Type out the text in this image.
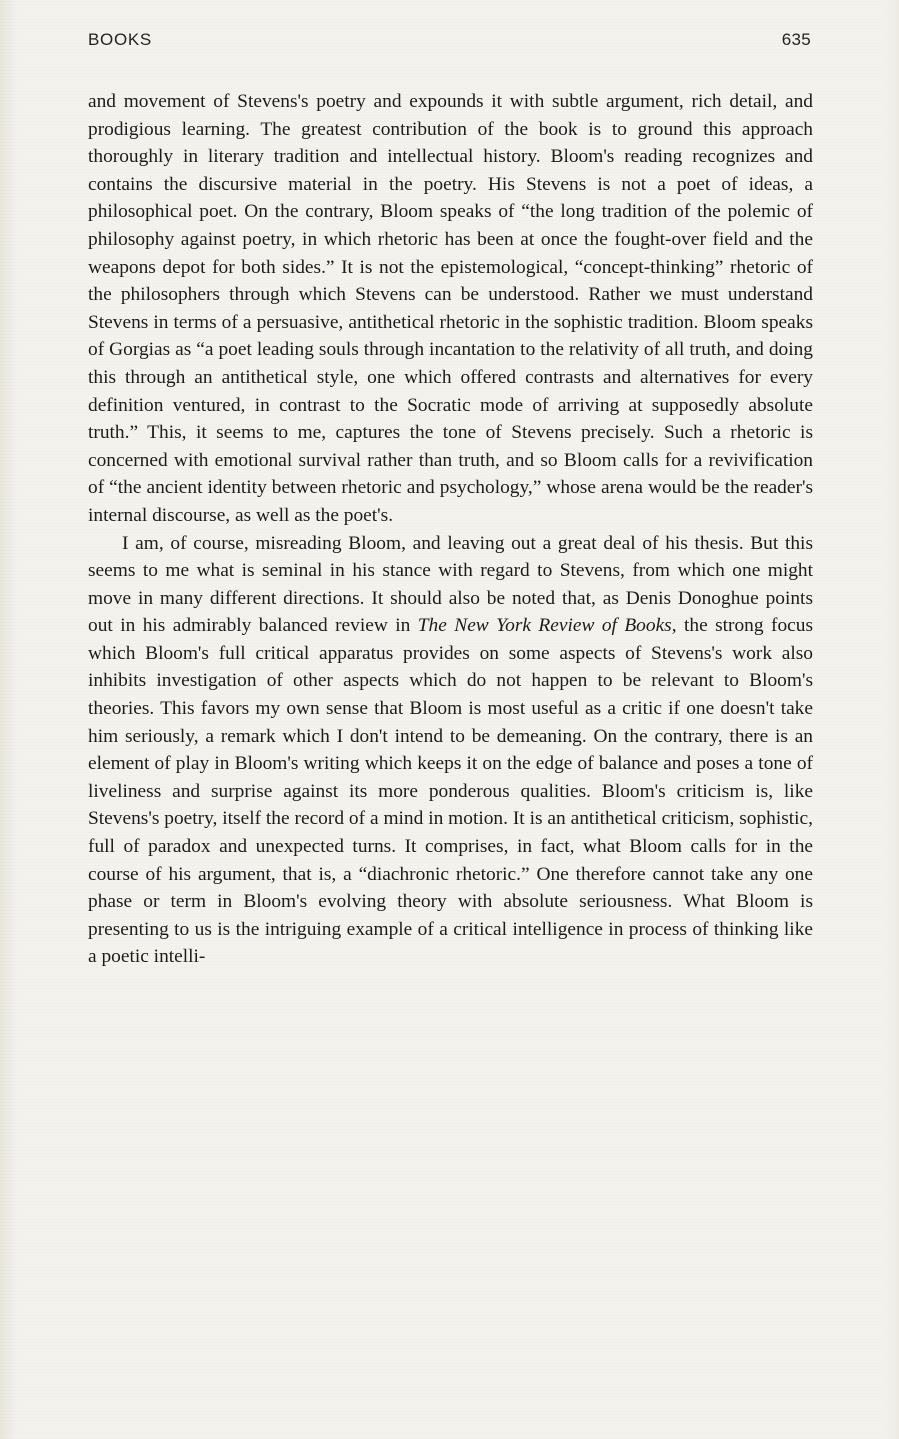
BOOKS	635

and movement of Stevens's poetry and expounds it with subtle argument, rich detail, and prodigious learning. The greatest contribution of the book is to ground this approach thoroughly in literary tradition and intellectual history. Bloom's reading recognizes and contains the discursive material in the poetry. His Stevens is not a poet of ideas, a philosophical poet. On the contrary, Bloom speaks of “the long tradition of the polemic of philosophy against poetry, in which rhetoric has been at once the fought-over field and the weapons depot for both sides.” It is not the epistemological, “concept-thinking” rhetoric of the philosophers through which Stevens can be understood. Rather we must understand Stevens in terms of a persuasive, antithetical rhetoric in the sophistic tradition. Bloom speaks of Gorgias as “a poet leading souls through incantation to the relativity of all truth, and doing this through an antithetical style, one which offered contrasts and alternatives for every definition ventured, in contrast to the Socratic mode of arriving at supposedly absolute truth.” This, it seems to me, captures the tone of Stevens precisely. Such a rhetoric is concerned with emotional survival rather than truth, and so Bloom calls for a revivification of “the ancient identity between rhetoric and psychology,” whose arena would be the reader's internal discourse, as well as the poet's.

I am, of course, misreading Bloom, and leaving out a great deal of his thesis. But this seems to me what is seminal in his stance with regard to Stevens, from which one might move in many different directions. It should also be noted that, as Denis Donoghue points out in his admirably balanced review in The New York Review of Books, the strong focus which Bloom's full critical apparatus provides on some aspects of Stevens's work also inhibits investigation of other aspects which do not happen to be relevant to Bloom's theories. This favors my own sense that Bloom is most useful as a critic if one doesn't take him seriously, a remark which I don't intend to be demeaning. On the contrary, there is an element of play in Bloom's writing which keeps it on the edge of balance and poses a tone of liveliness and surprise against its more ponderous qualities. Bloom's criticism is, like Stevens's poetry, itself the record of a mind in motion. It is an antithetical criticism, sophistic, full of paradox and unexpected turns. It comprises, in fact, what Bloom calls for in the course of his argument, that is, a “diachronic rhetoric.” One therefore cannot take any one phase or term in Bloom's evolving theory with absolute seriousness. What Bloom is presenting to us is the intriguing example of a critical intelligence in process of thinking like a poetic intelli-
